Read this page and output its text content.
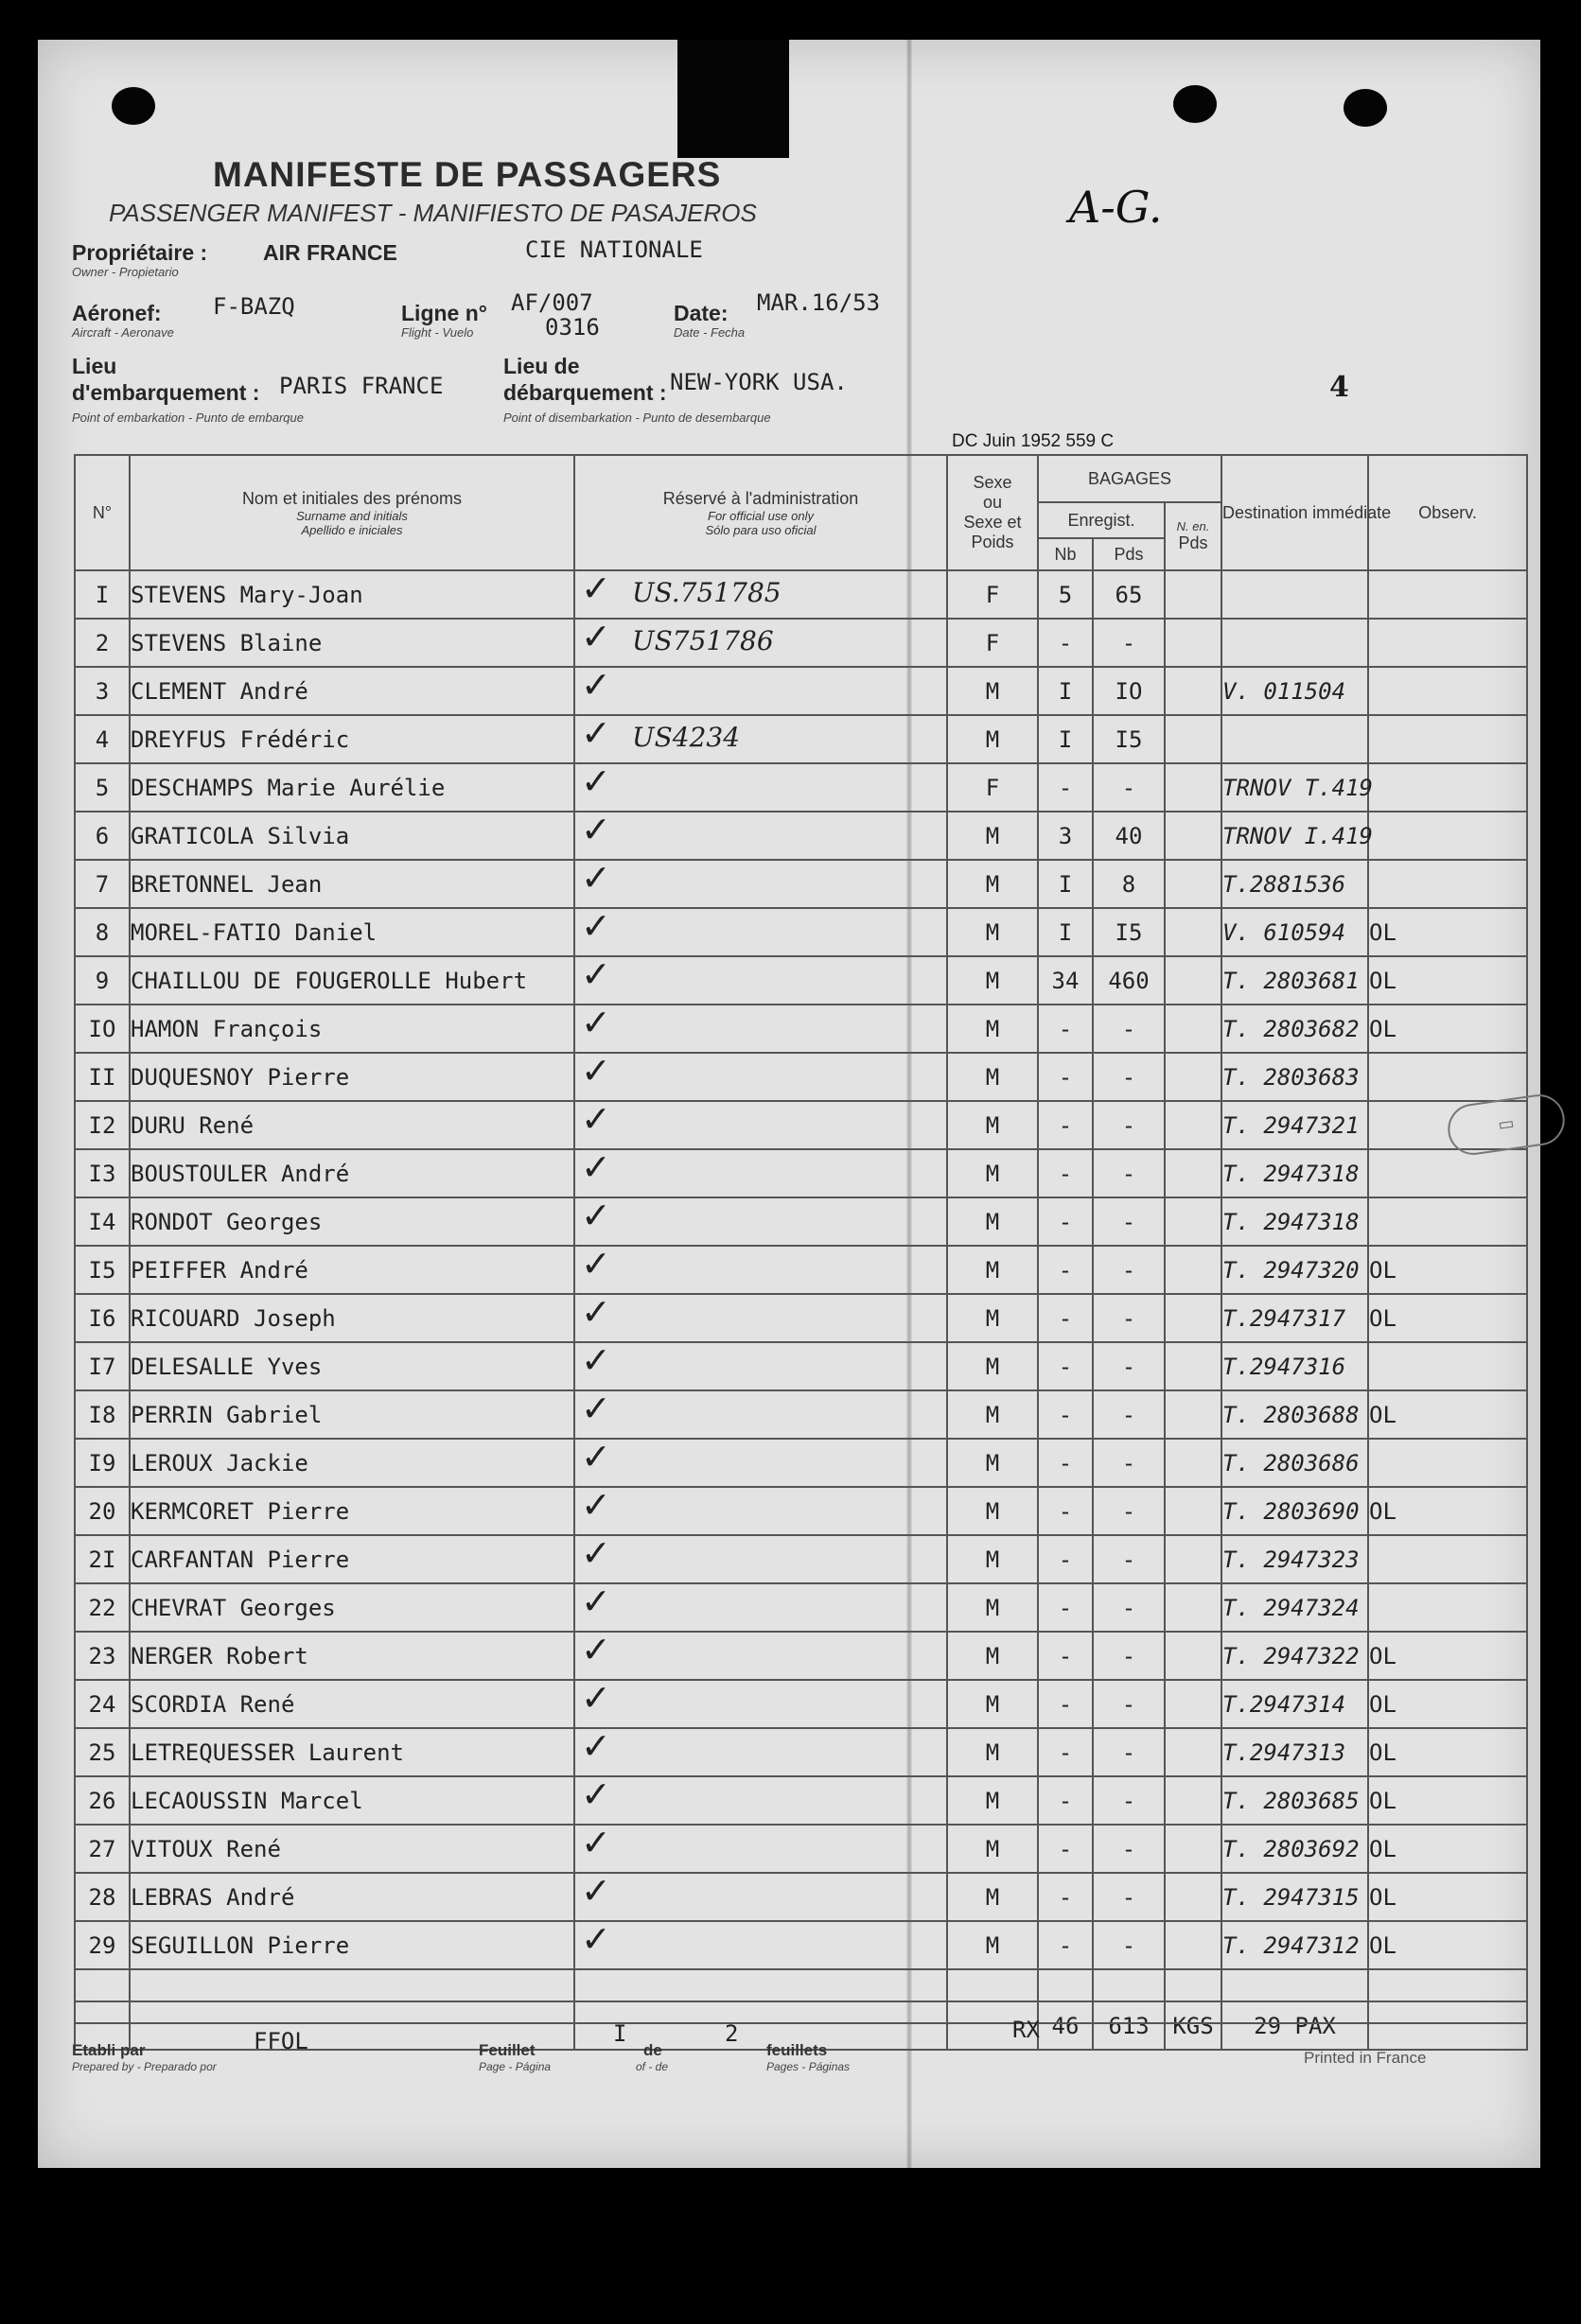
MANIFESTE DE PASSAGERS
PASSENGER MANIFEST - MANIFIESTO DE PASAJEROS	A-G.
4
Propriétaire :	AIR FRANCE	CIE NATIONALE
Owner - Propietario
Aéronef: F-BAZQ
Aircraft - Aeronave
Ligne n° AF/007
0316
Flight - Vuelo
Date: MAR.16/53
Date - Fecha
Lieu
d'embarquement : PARIS FRANCE
Point of embarkation - Punto de embarque
Lieu de
débarquement : NEW-YORK USA.
Point of disembarkation - Punto de desembarque
DC Juin 1952 559 C
N°	Nom et initiales des prénoms
Surname and initials
Apellido e iniciales	Réservé à l'administration
For official use only
Sólo para uso oficial	Sexe
ou
Sexe et
Poids	BAGAGES			Destination immédiate	Observ.

				Enregist.		N. en.
Pds		

				Nb	Pds			

I	STEVENS Mary-Joan	✓ US.751785	F	5	65			
2	STEVENS Blaine	✓ US751786	F	-	-			
3	CLEMENT André	✓	M	I	IO		V. 011504	
4	DREYFUS Frédéric	✓ US4234	M	I	I5			
5	DESCHAMPS Marie Aurélie	✓	F	-	-		TRNOV T.419	
6	GRATICOLA Silvia	✓	M	3	40		TRNOV I.419	
7	BRETONNEL Jean	✓	M	I	8		T.2881536	
8	MOREL-FATIO Daniel	✓	M	I	I5		V. 610594	OL
9	CHAILLOU DE FOUGEROLLE Hubert	✓	M	34	460		T. 2803681	OL
IO	HAMON François	✓	M	-	-		T. 2803682	OL
II	DUQUESNOY Pierre	✓	M	-	-		T. 2803683	
I2	DURU René	✓	M	-	-		T. 2947321	
I3	BOUSTOULER André	✓	M	-	-		T. 2947318	
I4	RONDOT Georges	✓	M	-	-		T. 2947318	
I5	PEIFFER André	✓	M	-	-		T. 2947320	OL
I6	RICOUARD Joseph	✓	M	-	-		T.2947317	OL
I7	DELESALLE Yves	✓	M	-	-		T.2947316	
I8	PERRIN Gabriel	✓	M	-	-		T. 2803688	OL
I9	LEROUX Jackie	✓	M	-	-		T. 2803686	
20	KERMCORET Pierre	✓	M	-	-		T. 2803690	OL
2I	CARFANTAN Pierre	✓	M	-	-		T. 2947323	
22	CHEVRAT Georges	✓	M	-	-		T. 2947324	
23	NERGER Robert	✓	M	-	-		T. 2947322	OL
24	SCORDIA René	✓	M	-	-		T.2947314	OL
25	LETREQUESSER Laurent	✓	M	-	-		T.2947313	OL
26	LECAOUSSIN Marcel	✓	M	-	-		T. 2803685	OL
27	VITOUX René	✓	M	-	-		T. 2803692	OL
28	LEBRAS André	✓	M	-	-		T. 2947315	OL
29	SEGUILLON Pierre	✓	M	-	-		T. 2947312	OL

				46	613	KGS	29 PAX	
▭
Etabli par
Prepared by - Preparado por
FFOL	Feuillet
Page - Página
I
de
of - de
2
feuillets
Pages - Páginas
RX
Printed in France
